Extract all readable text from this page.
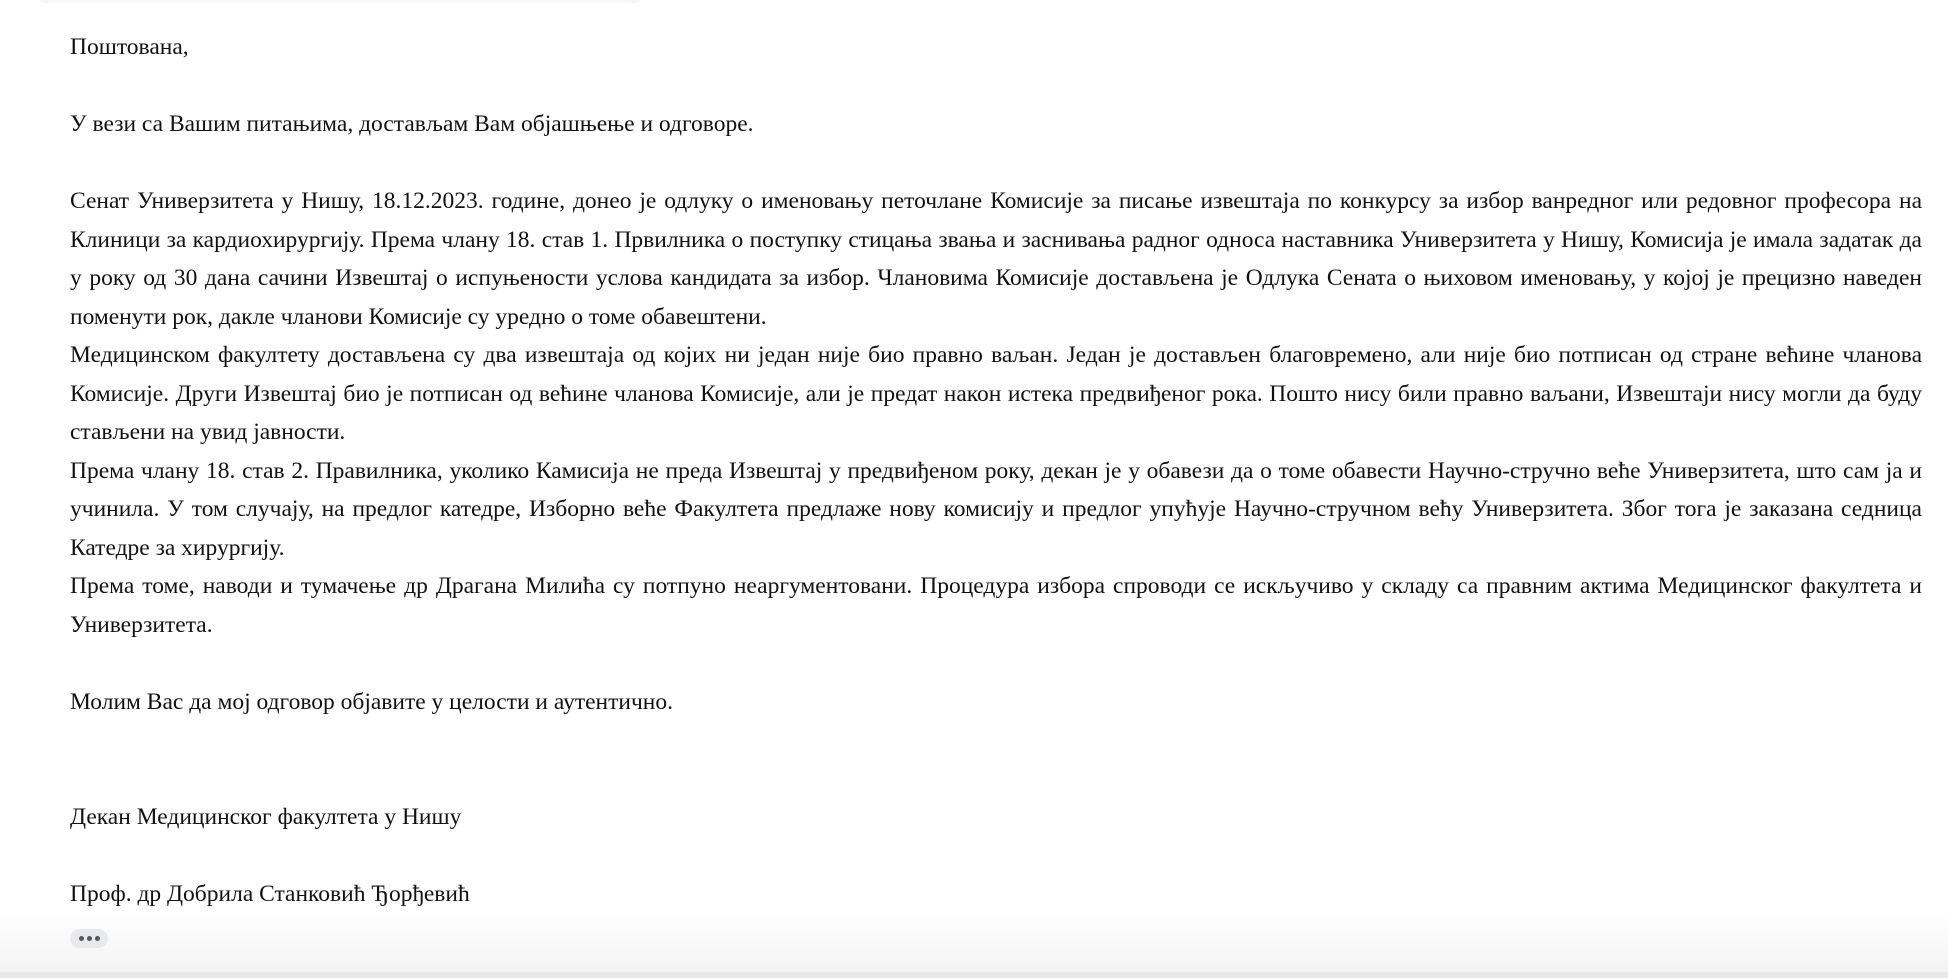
Поштована,

У вези са Вашим питањима, достављам Вам објашњење и одговоре.

Сенат Универзитета у Нишу, 18.12.2023. године, донео је одлуку о именовању петочлане Комисије за писање извештаја по конкурсу за избор ванредног или редовног професора на Клиници за кардиохирургију. Према члану 18. став 1. Првилника о поступку стицања звања и заснивања радног односа наставника Универзитета у Нишу, Комисија је имала задатак да у року од 30 дана сачини Извештај о испуњености услова кандидата за избор. Члановима Комисије достављена је Одлука Сената о њиховом именовању, у којој је прецизно наведен поменути рок, дакле чланови Комисије су уредно о томе обавештени.

Медицинском факултету достављена су два извештаја од којих ни један није био правно ваљан. Један је достављен благовремено, али није био потписан од стране већине чланова Комисије. Други Извештај био је потписан од већине чланова Комисије, али је предат након истека предвиђеног рока. Пошто нису били правно ваљани, Извештаји нису могли да буду стављени на увид јавности.

Према члану 18. став 2. Правилника, уколико Камисија не преда Извештај у предвиђеном року, декан је у обавези да о томе обавести Научно-стручно веће Универзитета, што сам ја и учинила. У том случају, на предлог катедре, Изборно веће Факултета предлаже нову комисију и предлог упућује Научно-стручном већу Универзитета. Због тога је заказана седница Катедре за хирургију.

Према томе, наводи и тумачење др Драгана Милића су потпуно неаргументовани. Процедура избора спроводи се искључиво у складу са правним актима Медицинског факултета и Универзитета.

Молим Вас да мој одговор објавите у целости и аутентично.

Декан Медицинског факултета у Нишу

Проф. др Добрила Станковић Ђорђевић
